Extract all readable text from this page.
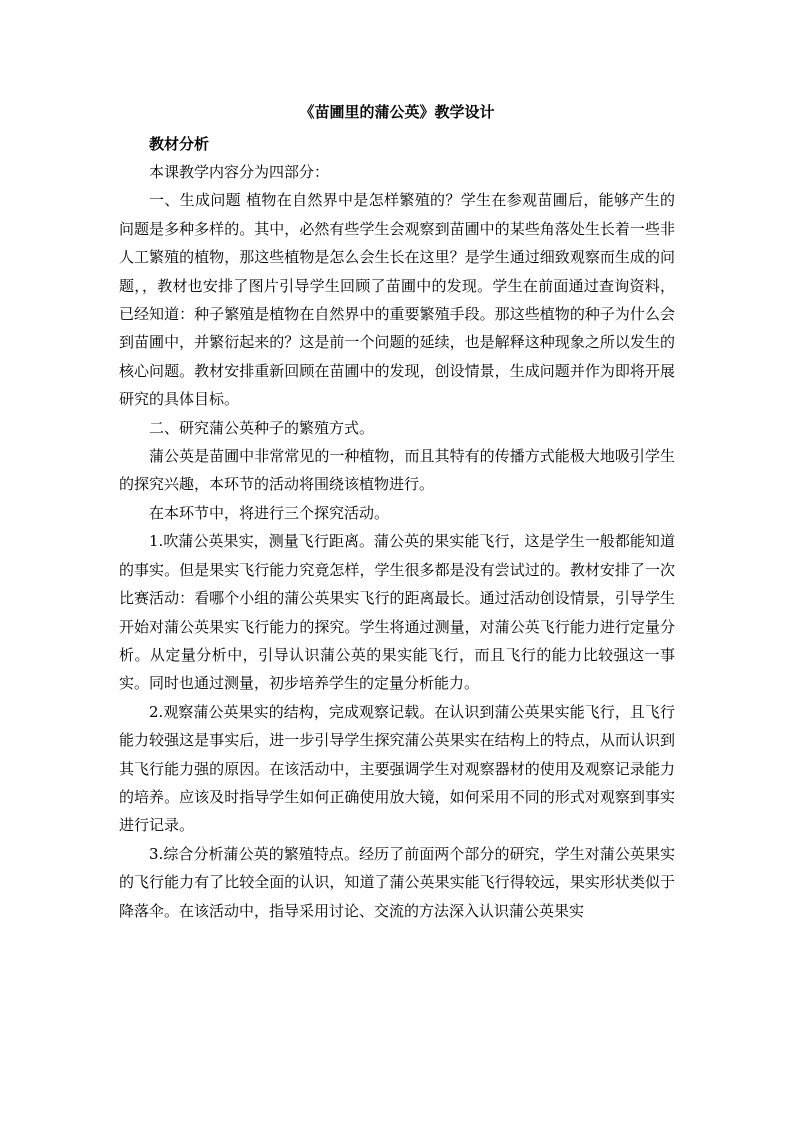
《苗圃里的蒲公英》教学设计
教材分析

本课教学内容分为四部分：

一、生成问题 植物在自然界中是怎样繁殖的？学生在参观苗圃后，能够产生的问题是多种多样的。其中，必然有些学生会观察到苗圃中的某些角落处生长着一些非人工繁殖的植物，那这些植物是怎么会生长在这里？是学生通过细致观察而生成的问题，，教材也安排了图片引导学生回顾了苗圃中的发现。学生在前面通过查询资料，已经知道：种子繁殖是植物在自然界中的重要繁殖手段。那这些植物的种子为什么会到苗圃中，并繁衍起来的？这是前一个问题的延续，也是解释这种现象之所以发生的核心问题。教材安排重新回顾在苗圃中的发现，创设情景，生成问题并作为即将开展研究的具体目标。

二、研究蒲公英种子的繁殖方式。

蒲公英是苗圃中非常常见的一种植物，而且其特有的传播方式能极大地吸引学生的探究兴趣，本环节的活动将围绕该植物进行。

在本环节中，将进行三个探究活动。

1.吹蒲公英果实，测量飞行距离。蒲公英的果实能飞行，这是学生一般都能知道的事实。但是果实飞行能力究竟怎样，学生很多都是没有尝试过的。教材安排了一次比赛活动：看哪个小组的蒲公英果实飞行的距离最长。通过活动创设情景，引导学生开始对蒲公英果实飞行能力的探究。学生将通过测量，对蒲公英飞行能力进行定量分析。从定量分析中，引导认识蒲公英的果实能飞行，而且飞行的能力比较强这一事实。同时也通过测量，初步培养学生的定量分析能力。

2.观察蒲公英果实的结构，完成观察记载。在认识到蒲公英果实能飞行，且飞行能力较强这是事实后，进一步引导学生探究蒲公英果实在结构上的特点，从而认识到其飞行能力强的原因。在该活动中，主要强调学生对观察器材的使用及观察记录能力的培养。应该及时指导学生如何正确使用放大镜，如何采用不同的形式对观察到事实进行记录。

3.综合分析蒲公英的繁殖特点。经历了前面两个部分的研究，学生对蒲公英果实的飞行能力有了比较全面的认识，知道了蒲公英果实能飞行得较远，果实形状类似于降落伞。在该活动中，指导采用讨论、交流的方法深入认识蒲公英果实
